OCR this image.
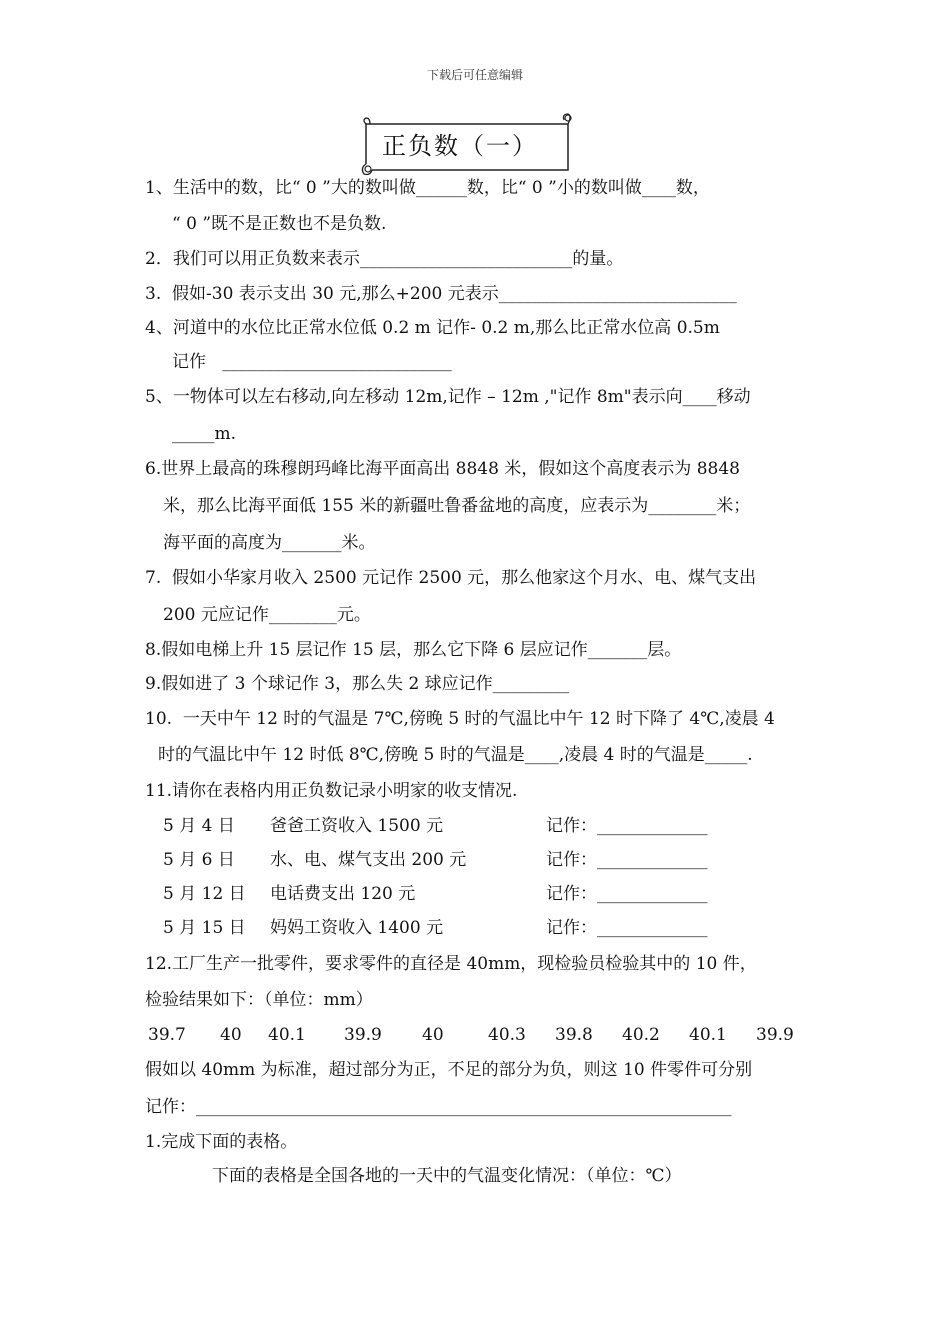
下载后可任意编辑
正负数（一）
1、生活中的数，比“ 0 ”大的数叫做______数，比“ 0 ”小的数叫做____数，
“ 0 ”既不是正数也不是负数.
2．我们可以用正负数来表示_________________________的量。
3.  假如-30 表示支出 30 元,那么+200 元表示____________________________
4、河道中的水位比正常水位低 0.2 m 记作- 0.2 m,那么比正常水位高 0.5m
记作   ___________________________
5、一物体可以左右移动,向左移动 12m,记作 – 12m ,"记作 8m"表示向____移动
_____m.
6.世界上最高的珠穆朗玛峰比海平面高出 8848 米，假如这个高度表示为 8848
米，那么比海平面低 155 米的新疆吐鲁番盆地的高度，应表示为________米；
海平面的高度为_______米。
7.  假如小华家月收入 2500 元记作 2500 元，那么他家这个月水、电、煤气支出
200 元应记作________元。
8.假如电梯上升 15 层记作 15 层，那么它下降 6 层应记作_______层。
9.假如进了 3 个球记作 3，那么失 2 球应记作_________
10.  一天中午 12 时的气温是 7℃,傍晚 5 时的气温比中午 12 时下降了 4℃,凌晨 4
时的气温比中午 12 时低 8℃,傍晚 5 时的气温是____,凌晨 4 时的气温是_____.
11.请你在表格内用正负数记录小明家的收支情况.
5 月 4 日 爸爸工资收入 1500 元	记作：_____________
5 月 6 日 水、电、煤气支出 200 元	记作：_____________
5 月 12 日 电话费支出 120 元	记作：_____________
5 月 15 日 妈妈工资收入 1400 元	记作：_____________
12.工厂生产一批零件，要求零件的直径是 40mm，现检验员检验其中的 10 件，
检验结果如下：（单位：mm）
39.7 40 40.1 39.9 40	40.3 39.8 40.2 40.1 39.9
假如以 40mm 为标准，超过部分为正，不足的部分为负，则这 10 件零件可分别
记作：_______________________________________________________________
1.完成下面的表格。
下面的表格是全国各地的一天中的气温变化情况：（单位：℃）
